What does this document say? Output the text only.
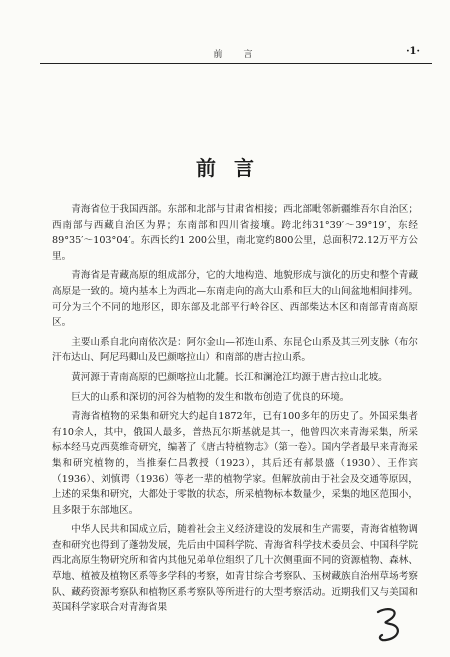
前　言	·1·
前言

青海省位于我国西部。东部和北部与甘肃省相接；西北部毗邻新疆维吾尔自治区；西南部与西藏自治区为界；东南部和四川省接壤。跨北纬31°39′～39°19′，东经89°35′～103°04′。东西长约1 200公里，南北宽约800公里，总面积72.12万平方公里。

青海省是青藏高原的组成部分，它的大地构造、地貌形成与演化的历史和整个青藏高原是一致的。境内基本上为西北—东南走向的高大山系和巨大的山间盆地相间排列。可分为三个不同的地形区，即东部及北部平行岭谷区、西部柴达木区和南部青南高原区。

主要山系自北向南依次是：阿尔金山—祁连山系、东昆仑山系及其三列支脉（布尔汗布达山、阿尼玛卿山及巴颜喀拉山）和南部的唐古拉山系。

黄河源于青南高原的巴颜喀拉山北麓。长江和澜沧江均源于唐古拉山北坡。

巨大的山系和深切的河谷为植物的发生和散布创造了优良的环境。

青海省植物的采集和研究大约起自1872年，已有100多年的历史了。外国采集者有10余人，其中，俄国人最多，普热瓦尔斯基就是其一，他曾四次来青海采集，所采标本经马克西莫维奇研究，编著了《唐古特植物志》（第一卷）。国内学者最早来青海采集和研究植物的，当推秦仁昌教授（1923），其后还有郝景盛（1930）、王作宾（1936）、刘慎谔（1936）等老一辈的植物学家。但解放前由于社会及交通等原因，上述的采集和研究，大都处于零散的状态，所采植物标本数量少，采集的地区范围小，且多限于东部地区。

中华人民共和国成立后，随着社会主义经济建设的发展和生产需要，青海省植物调查和研究也得到了蓬勃发展，先后由中国科学院、青海省科学技术委员会、中国科学院西北高原生物研究所和省内其他兄弟单位组织了几十次侧重面不同的资源植物、森林、草地、植被及植物区系等多学科的考察，如青甘综合考察队、玉树藏族自治州草场考察队、藏药资源考察队和植物区系考察队等所进行的大型考察活动。近期我们又与美国和英国科学家联合对青海省果
